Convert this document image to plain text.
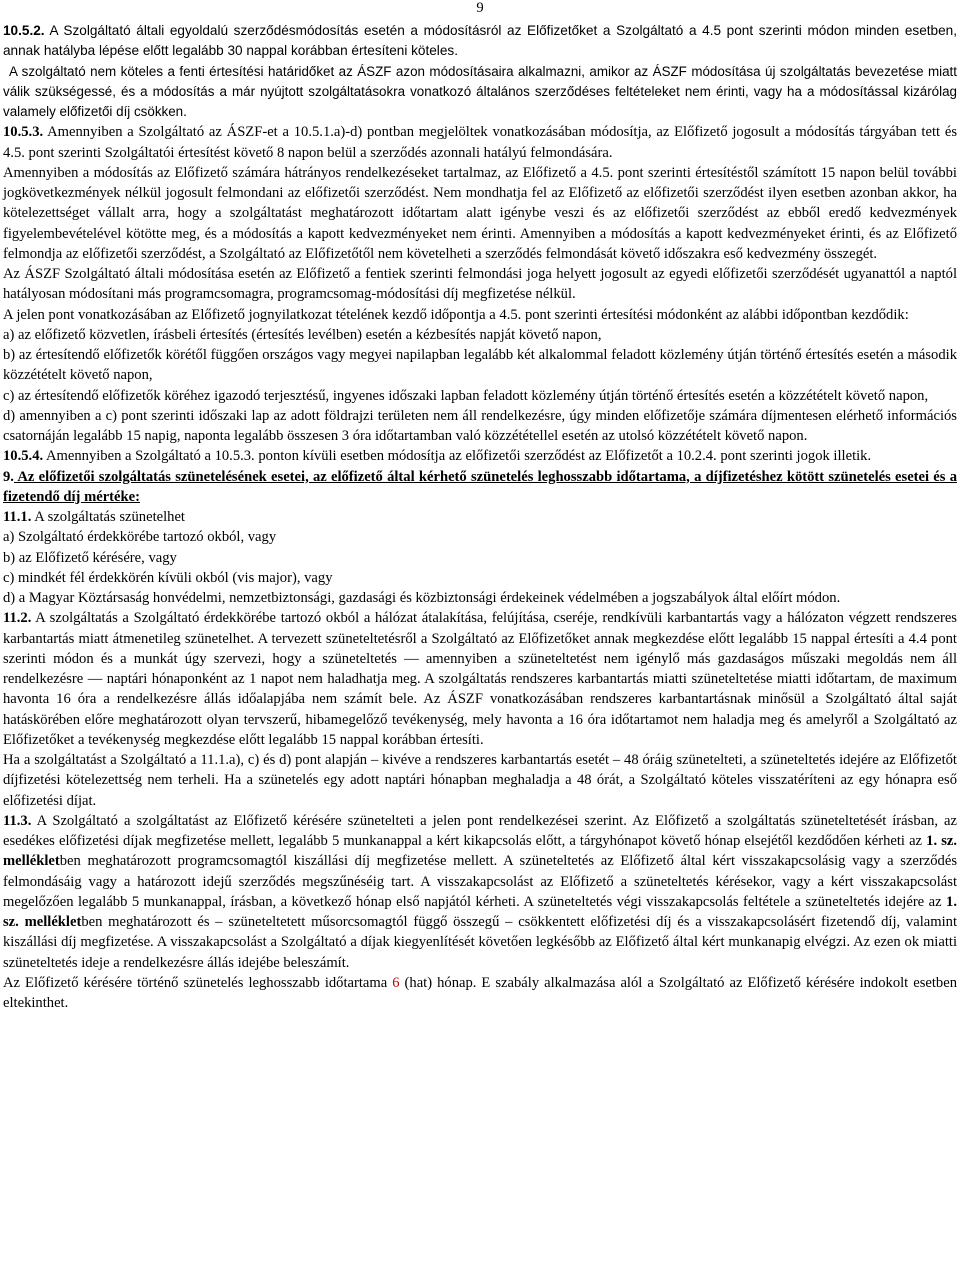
9

10.5.2. A Szolgáltató általi egyoldalú szerződésmódosítás esetén a módosításról az Előfizetőket a Szolgáltató a 4.5 pont szerinti módon minden esetben, annak hatályba lépése előtt legalább 30 nappal korábban értesíteni köteles.

A szolgáltató nem köteles a fenti értesítési határidőket az ÁSZF azon módosításaira alkalmazni, amikor az ÁSZF módosítása új szolgáltatás bevezetése miatt válik szükségessé, és a módosítás a már nyújtott szolgáltatásokra vonatkozó általános szerződéses feltételeket nem érinti, vagy ha a módosítással kizárólag valamely előfizetői díj csökken.

10.5.3. Amennyiben a Szolgáltató az ÁSZF-et a 10.5.1.a)-d) pontban megjelöltek vonatkozásában módosítja, az Előfizető jogosult a módosítás tárgyában tett és 4.5. pont szerinti Szolgáltatói értesítést követő 8 napon belül a szerződés azonnali hatályú felmondására.

Amennyiben a módosítás az Előfizető számára hátrányos rendelkezéseket tartalmaz, az Előfizető a 4.5. pont szerinti értesítéstől számított 15 napon belül további jogkövetkezmények nélkül jogosult felmondani az előfizetői szerződést. Nem mondhatja fel az Előfizető az előfizetői szerződést ilyen esetben azonban akkor, ha kötelezettséget vállalt arra, hogy a szolgáltatást meghatározott időtartam alatt igénybe veszi és az előfizetői szerződést az ebből eredő kedvezmények figyelembevételével kötötte meg, és a módosítás a kapott kedvezményeket nem érinti. Amennyiben a módosítás a kapott kedvezményeket érinti, és az Előfizető felmondja az előfizetői szerződést, a Szolgáltató az Előfizetőtől nem követelheti a szerződés felmondását követő időszakra eső kedvezmény összegét.

Az ÁSZF Szolgáltató általi módosítása esetén az Előfizető a fentiek szerinti felmondási joga helyett jogosult az egyedi előfizetői szerződését ugyanattól a naptól hatályosan módosítani más programcsomagra, programcsomag-módosítási díj megfizetése nélkül.

A jelen pont vonatkozásában az Előfizető jognyilatkozat tételének kezdő időpontja a 4.5. pont szerinti értesítési módonként az alábbi időpontban kezdődik:

a) az előfizető közvetlen, írásbeli értesítés (értesítés levélben) esetén a kézbesítés napját követő napon,

b) az értesítendő előfizetők körétől függően országos vagy megyei napilapban legalább két alkalommal feladott közlemény útján történő értesítés esetén a második közzétételt követő napon,

c) az értesítendő előfizetők köréhez igazodó terjesztésű, ingyenes időszaki lapban feladott közlemény útján történő értesítés esetén a közzétételt követő napon,

d) amennyiben a c) pont szerinti időszaki lap az adott földrajzi területen nem áll rendelkezésre, úgy minden előfizetője számára díjmentesen elérhető információs csatornáján legalább 15 napig, naponta legalább összesen 3 óra időtartamban való közzététellel esetén az utolsó közzétételt követő napon.

10.5.4. Amennyiben a Szolgáltató a 10.5.3. ponton kívüli esetben módosítja az előfizetői szerződést az Előfizetőt a 10.2.4. pont szerinti jogok illetik.

9. Az előfizetői szolgáltatás szünetelésének esetei, az előfizető által kérhető szünetelés leghosszabb időtartama, a díjfizetéshez kötött szünetelés esetei és a fizetendő díj mértéke:

11.1. A szolgáltatás szünetelhet

a) Szolgáltató érdekkörébe tartozó okból, vagy

b) az Előfizető kérésére, vagy

c) mindkét fél érdekkörén kívüli okból (vis major), vagy

d) a Magyar Köztársaság honvédelmi, nemzetbiztonsági, gazdasági és közbiztonsági érdekeinek védelmében a jogszabályok által előírt módon.

11.2. A szolgáltatás a Szolgáltató érdekkörébe tartozó okból a hálózat átalakítása, felújítása, cseréje, rendkívüli karbantartás vagy a hálózaton végzett rendszeres karbantartás miatt átmenetileg szünetelhet. A tervezett szüneteltetésről a Szolgáltató az Előfizetőket annak megkezdése előtt legalább 15 nappal értesíti a 4.4 pont szerinti módon és a munkát úgy szervezi, hogy a szüneteltetés — amennyiben a szüneteltetést nem igénylő más gazdaságos műszaki megoldás nem áll rendelkezésre — naptári hónaponként az 1 napot nem haladhatja meg. A szolgáltatás rendszeres karbantartás miatti szüneteltetése miatti időtartam, de maximum havonta 16 óra a rendelkezésre állás időalapjába nem számít bele. Az ÁSZF vonatkozásában rendszeres karbantartásnak minősül a Szolgáltató által saját hatáskörében előre meghatározott olyan tervszerű, hibamegelőző tevékenység, mely havonta a 16 óra időtartamot nem haladja meg és amelyről a Szolgáltató az Előfizetőket a tevékenység megkezdése előtt legalább 15 nappal korábban értesíti.

Ha a szolgáltatást a Szolgáltató a 11.1.a), c) és d) pont alapján – kivéve a rendszeres karbantartás esetét – 48 óráig szünetelteti, a szüneteltetés idejére az Előfizetőt díjfizetési kötelezettség nem terheli. Ha a szünetelés egy adott naptári hónapban meghaladja a 48 órát, a Szolgáltató köteles visszatéríteni az egy hónapra eső előfizetési díjat.

11.3. A Szolgáltató a szolgáltatást az Előfizető kérésére szünetelteti a jelen pont rendelkezései szerint. Az Előfizető a szolgáltatás szüneteltetését írásban, az esedékes előfizetési díjak megfizetése mellett, legalább 5 munkanappal a kért kikapcsolás előtt, a tárgyhónapot követő hónap elsejétől kezdődően kérheti az 1. sz. mellékletben meghatározott programcsomagtól kiszállási díj megfizetése mellett. A szüneteltetés az Előfizető által kért visszakapcsolásig vagy a szerződés felmondásáig vagy a határozott idejű szerződés megszűnéséig tart. A visszakapcsolást az Előfizető a szüneteltetés kérésekor, vagy a kért visszakapcsolást megelőzően legalább 5 munkanappal, írásban, a következő hónap első napjától kérheti. A szüneteltetés végi visszakapcsolás feltétele a szüneteltetés idejére az 1. sz. mellékletben meghatározott és – szüneteltetett műsorcsomagtól függő összegű – csökkentett előfizetési díj és a visszakapcsolásért fizetendő díj, valamint kiszállási díj megfizetése. A visszakapcsolást a Szolgáltató a díjak kiegyenlítését követően legkésőbb az Előfizető által kért munkanapig elvégzi. Az ezen ok miatti szüneteltetés ideje a rendelkezésre állás idejébe beleszámít.

Az Előfizető kérésére történő szünetelés leghosszabb időtartama 6 (hat) hónap. E szabály alkalmazása alól a Szolgáltató az Előfizető kérésére indokolt esetben eltekinthet.
